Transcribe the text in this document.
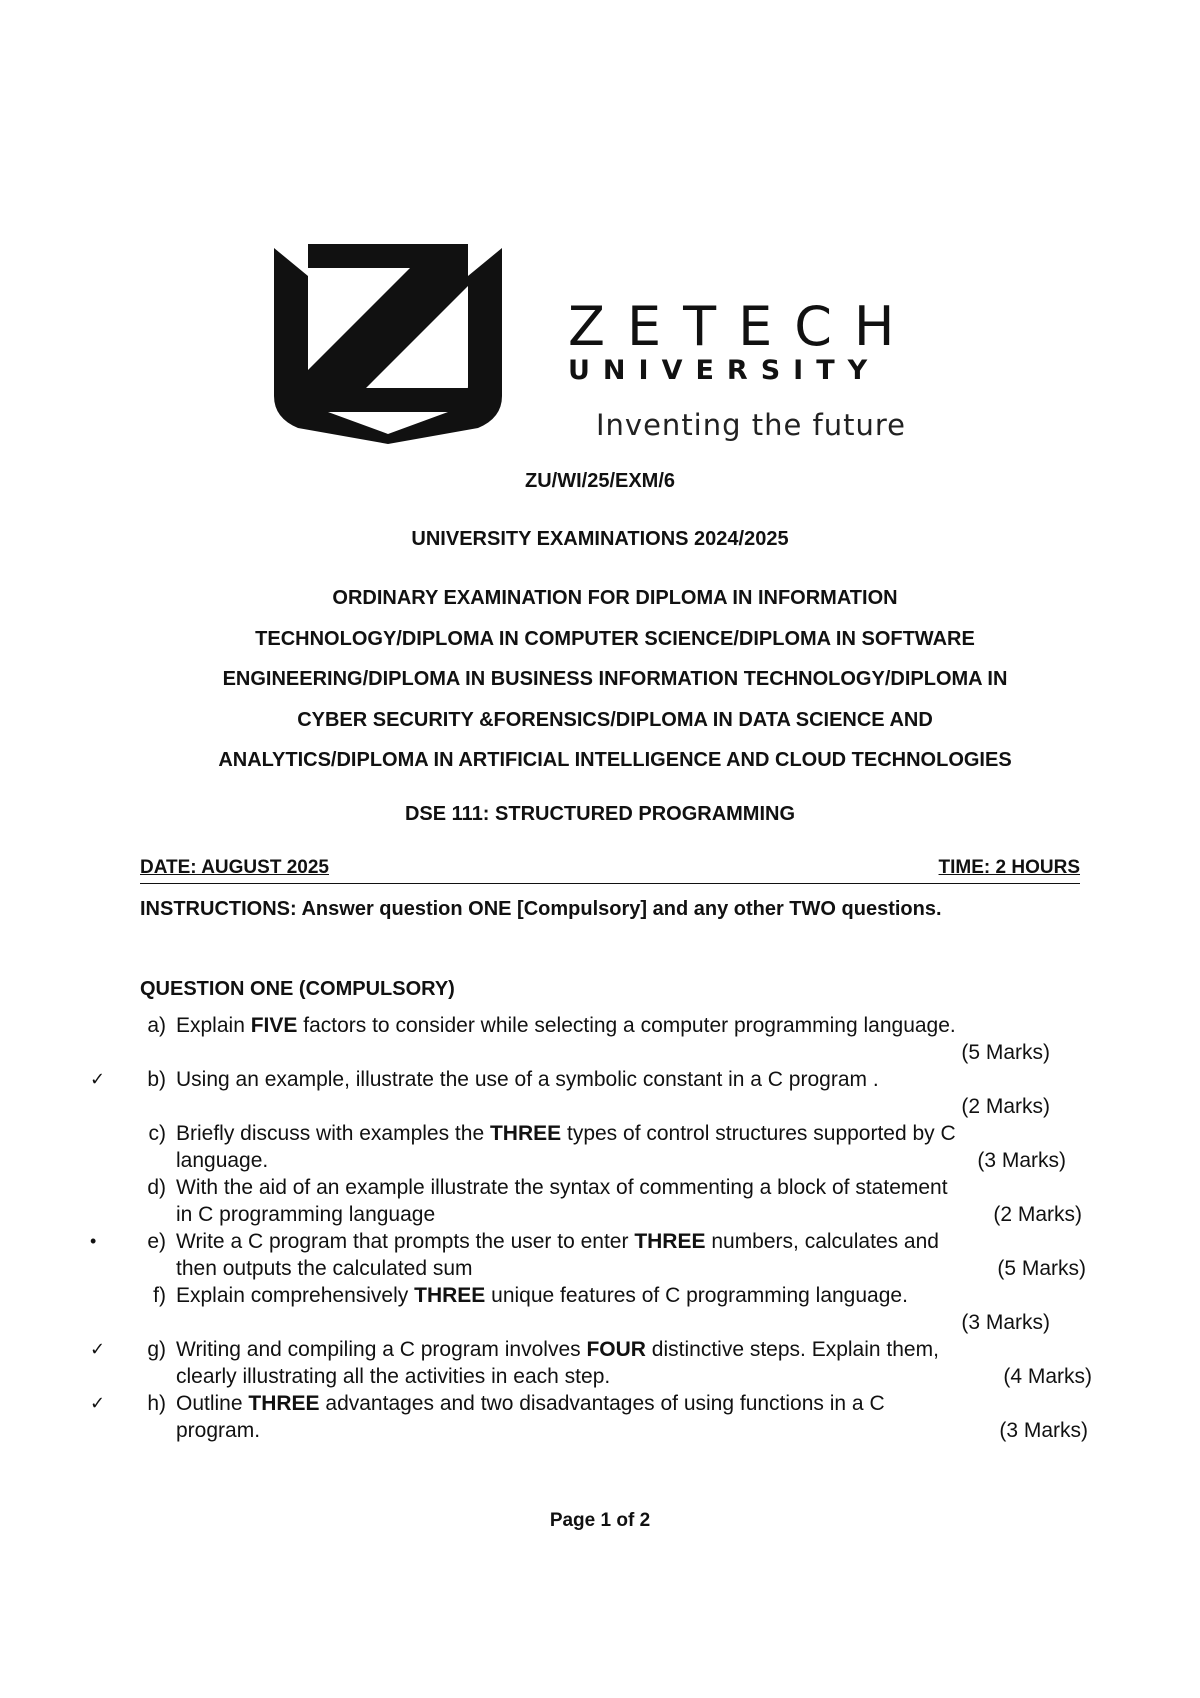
ZETECH
UNIVERSITY
Inventing the future
ZU/WI/25/EXM/6
UNIVERSITY EXAMINATIONS 2024/2025
ORDINARY EXAMINATION FOR DIPLOMA IN INFORMATION
TECHNOLOGY/DIPLOMA IN COMPUTER SCIENCE/DIPLOMA IN SOFTWARE
ENGINEERING/DIPLOMA IN BUSINESS INFORMATION TECHNOLOGY/DIPLOMA IN
CYBER SECURITY &FORENSICS/DIPLOMA IN DATA SCIENCE AND
ANALYTICS/DIPLOMA IN ARTIFICIAL INTELLIGENCE AND CLOUD TECHNOLOGIES
DSE 111: STRUCTURED PROGRAMMING
DATE: AUGUST 2025	TIME: 2 HOURS
INSTRUCTIONS: Answer question ONE [Compulsory] and any other TWO questions.
QUESTION ONE (COMPULSORY)
a) Explain FIVE factors to consider while selecting a computer programming language.
(5 Marks)
✓	b) Using an example, illustrate the use of a symbolic constant in a C program .
(2 Marks)
c) Briefly discuss with examples the THREE types of control structures supported by C
language.	(3 Marks)
d) With the aid of an example illustrate the syntax of commenting a block of statement
in C programming language	(2 Marks)
•	e) Write a C program that prompts the user to enter THREE numbers, calculates and
then outputs the calculated sum	(5 Marks)
f) Explain comprehensively THREE unique features of C programming language.
(3 Marks)
✓	g) Writing and compiling a C program involves FOUR distinctive steps. Explain them,
clearly illustrating all the activities in each step.	(4 Marks)
✓	h) Outline THREE advantages and two disadvantages of using functions in a C
program.	(3 Marks)
Page 1 of 2
